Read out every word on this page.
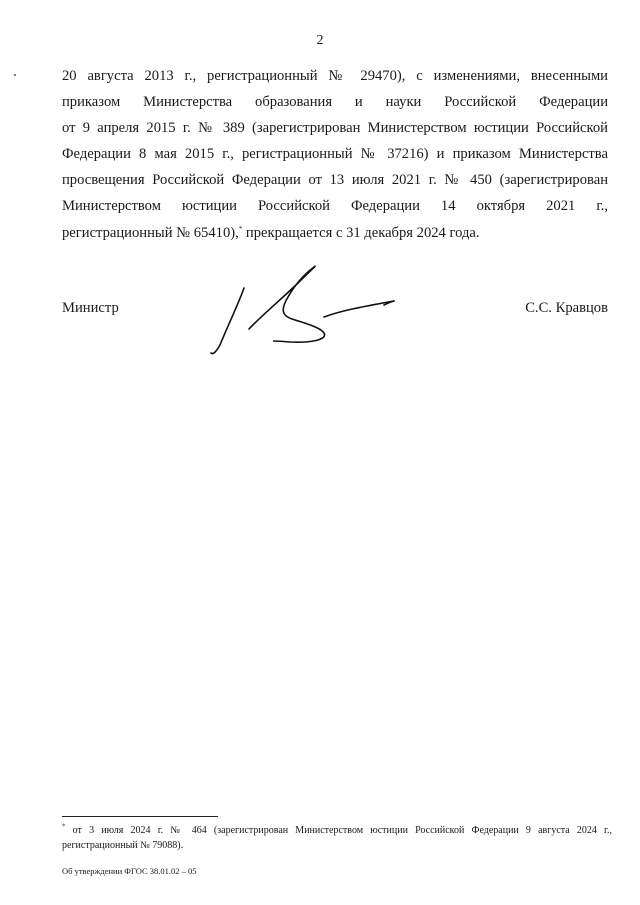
2
20 августа 2013 г., регистрационный № 29470), с изменениями, внесенными
приказом Министерства образования и науки Российской Федерации
от 9 апреля 2015 г. № 389 (зарегистрирован Министерством юстиции Российской
Федерации 8 мая 2015 г., регистрационный № 37216) и приказом Министерства
просвещения Российской Федерации от 13 июля 2021 г. № 450 (зарегистрирован
Министерством юстиции Российской Федерации 14 октября 2021 г.,
регистрационный № 65410),* прекращается с 31 декабря 2024 года.
Министр	С.С. Кравцов
* от 3 июля 2024 г. № 464 (зарегистрирован Министерством юстиции Российской Федерации 9 августа 2024 г.,
регистрационный № 79088).
Об утверждении ФГОС 38.01.02 – 05
